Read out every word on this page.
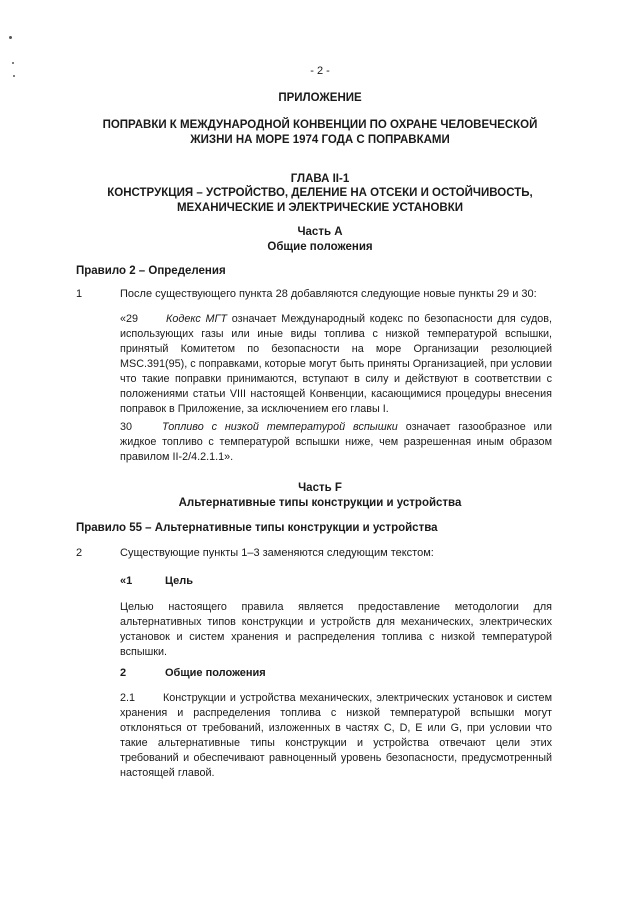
- 2 -
ПРИЛОЖЕНИЕ
ПОПРАВКИ К МЕЖДУНАРОДНОЙ КОНВЕНЦИИ ПО ОХРАНЕ ЧЕЛОВЕЧЕСКОЙ
ЖИЗНИ НА МОРЕ 1974 ГОДА С ПОПРАВКАМИ
ГЛАВА II-1
КОНСТРУКЦИЯ – УСТРОЙСТВО, ДЕЛЕНИЕ НА ОТСЕКИ И ОСТОЙЧИВОСТЬ,
МЕХАНИЧЕСКИЕ И ЭЛЕКТРИЧЕСКИЕ УСТАНОВКИ
Часть A
Общие положения
Правило 2 – Определения
1	После существующего пункта 28 добавляются следующие новые пункты 29 и 30:
«29	Кодекс МГТ означает Международный кодекс по безопасности для судов, использующих газы или иные виды топлива с низкой температурой вспышки, принятый Комитетом по безопасности на море Организации резолюцией MSC.391(95), с поправками, которые могут быть приняты Организацией, при условии что такие поправки принимаются, вступают в силу и действуют в соответствии с положениями статьи VIII настоящей Конвенции, касающимися процедуры внесения поправок в Приложение, за исключением его главы I.
30	Топливо с низкой температурой вспышки означает газообразное или жидкое топливо с температурой вспышки ниже, чем разрешенная иным образом правилом II-2/4.2.1.1».
Часть F
Альтернативные типы конструкции и устройства
Правило 55 – Альтернативные типы конструкции и устройства
2	Существующие пункты 1–3 заменяются следующим текстом:
«1	Цель
Целью настоящего правила является предоставление методологии для альтернативных типов конструкции и устройств для механических, электрических установок и систем хранения и распределения топлива с низкой температурой вспышки.
2	Общие положения
2.1	Конструкции и устройства механических, электрических установок и систем хранения и распределения топлива с низкой температурой вспышки могут отклоняться от требований, изложенных в частях C, D, E или G, при условии что такие альтернативные типы конструкции и устройства отвечают цели этих требований и обеспечивают равноценный уровень безопасности, предусмотренный настоящей главой.
